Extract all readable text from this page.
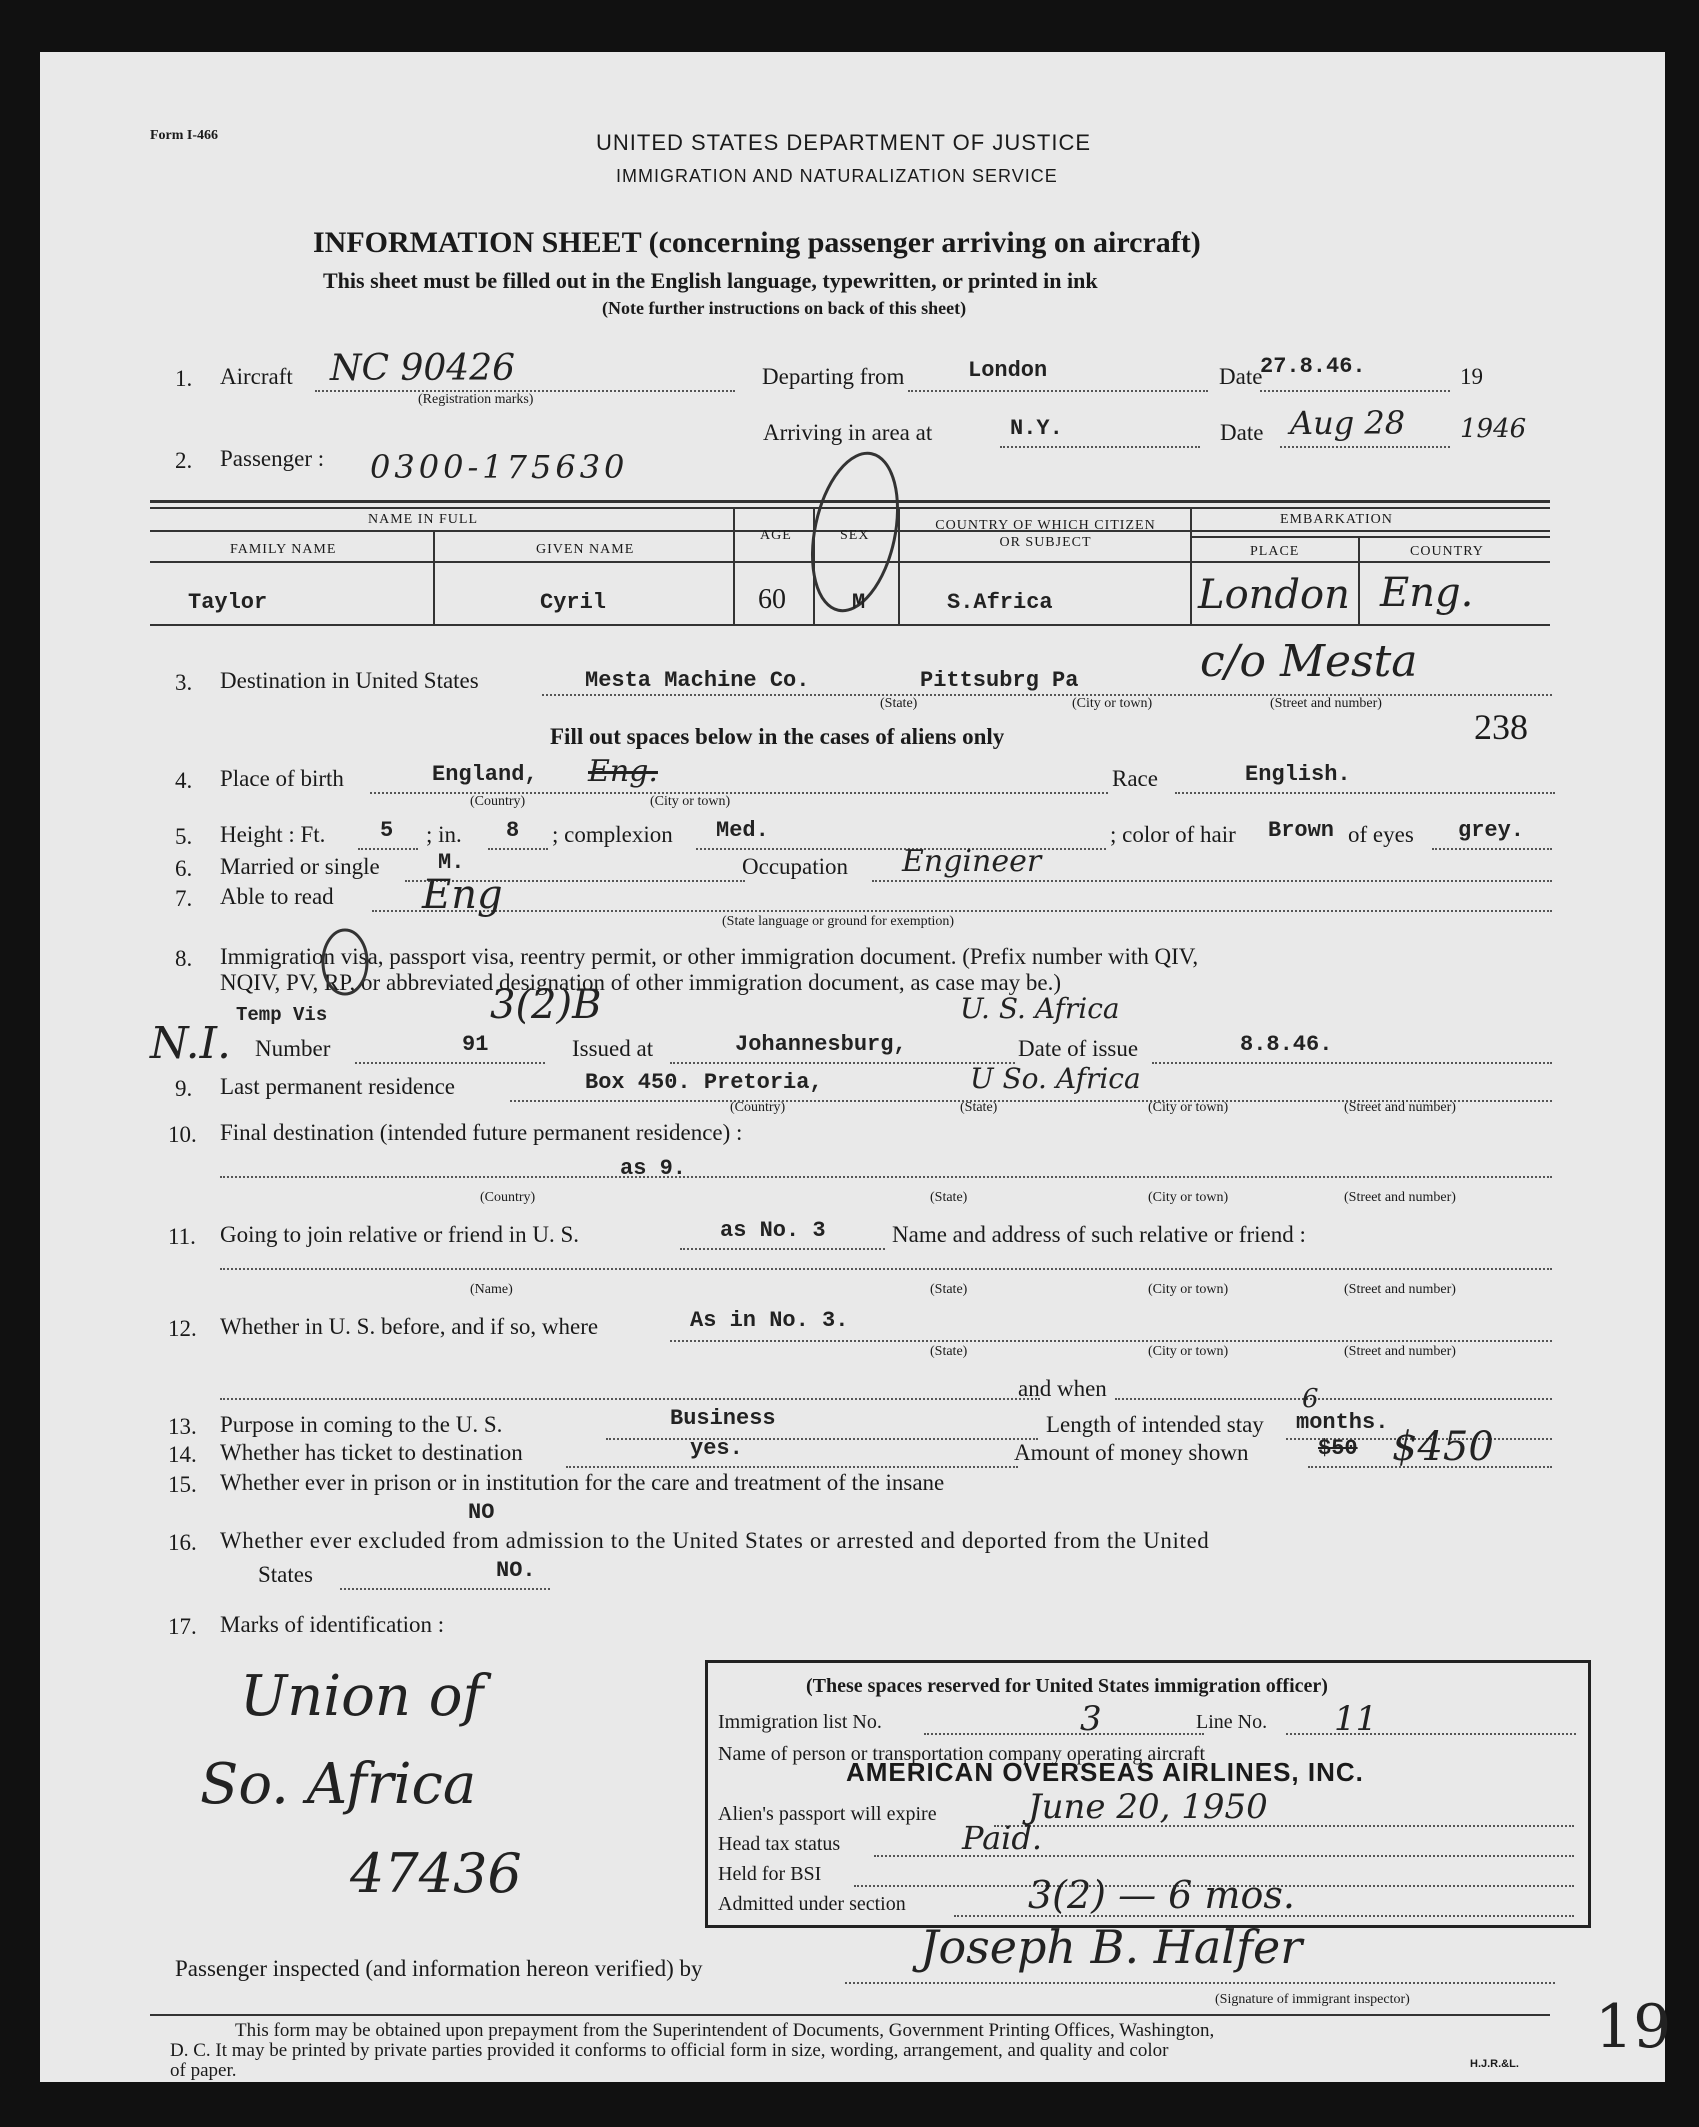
Form I-466	UNITED STATES DEPARTMENT OF JUSTICE
IMMIGRATION AND NATURALIZATION SERVICE
INFORMATION SHEET (concerning passenger arriving on aircraft)
This sheet must be filled out in the English language, typewritten, or printed in ink
(Note further instructions on back of this sheet)
1. Aircraft NC 90426
(Registration marks)
Departing from	London	Date
27.8.46.	19
Arriving in area at	N.Y.	Date Aug 28 1946
2. Passenger : 0300-175630
NAME IN FULL
FAMILY NAME	GIVEN NAME
AGE	SEX
COUNTRY OF WHICH CITIZEN OR SUBJECT
EMBARKATION
PLACE	COUNTRY
Taylor	Cyril	60	M	S.Africa	London Eng.
3. Destination in United States	Mesta Machine Co.	Pittsubrg Pa	c/o Mesta
(State)	(City or town)	(Street and number)
238
Fill out spaces below in the cases of aliens only
4. Place of birth	England, Eng.
(Country)	(City or town)
Race	English.
5. Height : Ft. 5 ; in. 8 ; complexion Med.	; color of hair Brown of eyes grey.
6. Married or single	M.	Occupation Engineer
7. Able to read Eng
(State language or ground for exemption)
8. Immigration visa, passport visa, reentry permit, or other immigration document. (Prefix number with QIV,
NQIV, PV, RP, or abbreviated designation of other immigration document, as case may be.)
Temp Vis	3(2)B	U. S. Africa
N.I. Number	91	Issued at	Johannesburg,	Date of issue	8.8.46.
9. Last permanent residence	Box 450. Pretoria,	U So. Africa
(Country)	(State)	(City or town)	(Street and number)
10. Final destination (intended future permanent residence) :
as 9.
(Country)	(State)	(City or town)	(Street and number)
11. Going to join relative or friend in U. S.	as No. 3	Name and address of such relative or friend :
(Name)	(State)	(City or town)	(Street and number)
12. Whether in U. S. before, and if so, where	As in No. 3.
(State)	(City or town)	(Street and number)
and when
13. Purpose in coming to the U. S.	Business	Length of intended stay months.
6
14. Whether has ticket to destination	yes.	Amount of money shown	$50 $450
15. Whether ever in prison or in institution for the care and treatment of the insane
NO
16. Whether ever excluded from admission to the United States or arrested and deported from the United
States	NO.
17. Marks of identification :
Union of
So. Africa
47436
(These spaces reserved for United States immigration officer)
Immigration list No.	3	Line No. 11
Name of person or transportation company operating aircraft
AMERICAN OVERSEAS AIRLINES, INC.
Alien's passport will expire	June 20, 1950
Head tax status	Paid.
Held for BSI
Admitted under section	3(2) — 6 mos.
Passenger inspected (and information hereon verified) by	Joseph B. Halfer
(Signature of immigrant inspector)
This form may be obtained upon prepayment from the Superintendent of Documents, Government Printing Offices, Washington,
D. C. It may be printed by private parties provided it conforms to official form in size, wording, arrangement, and quality and color
of paper.	H.J.R.&L.
19
